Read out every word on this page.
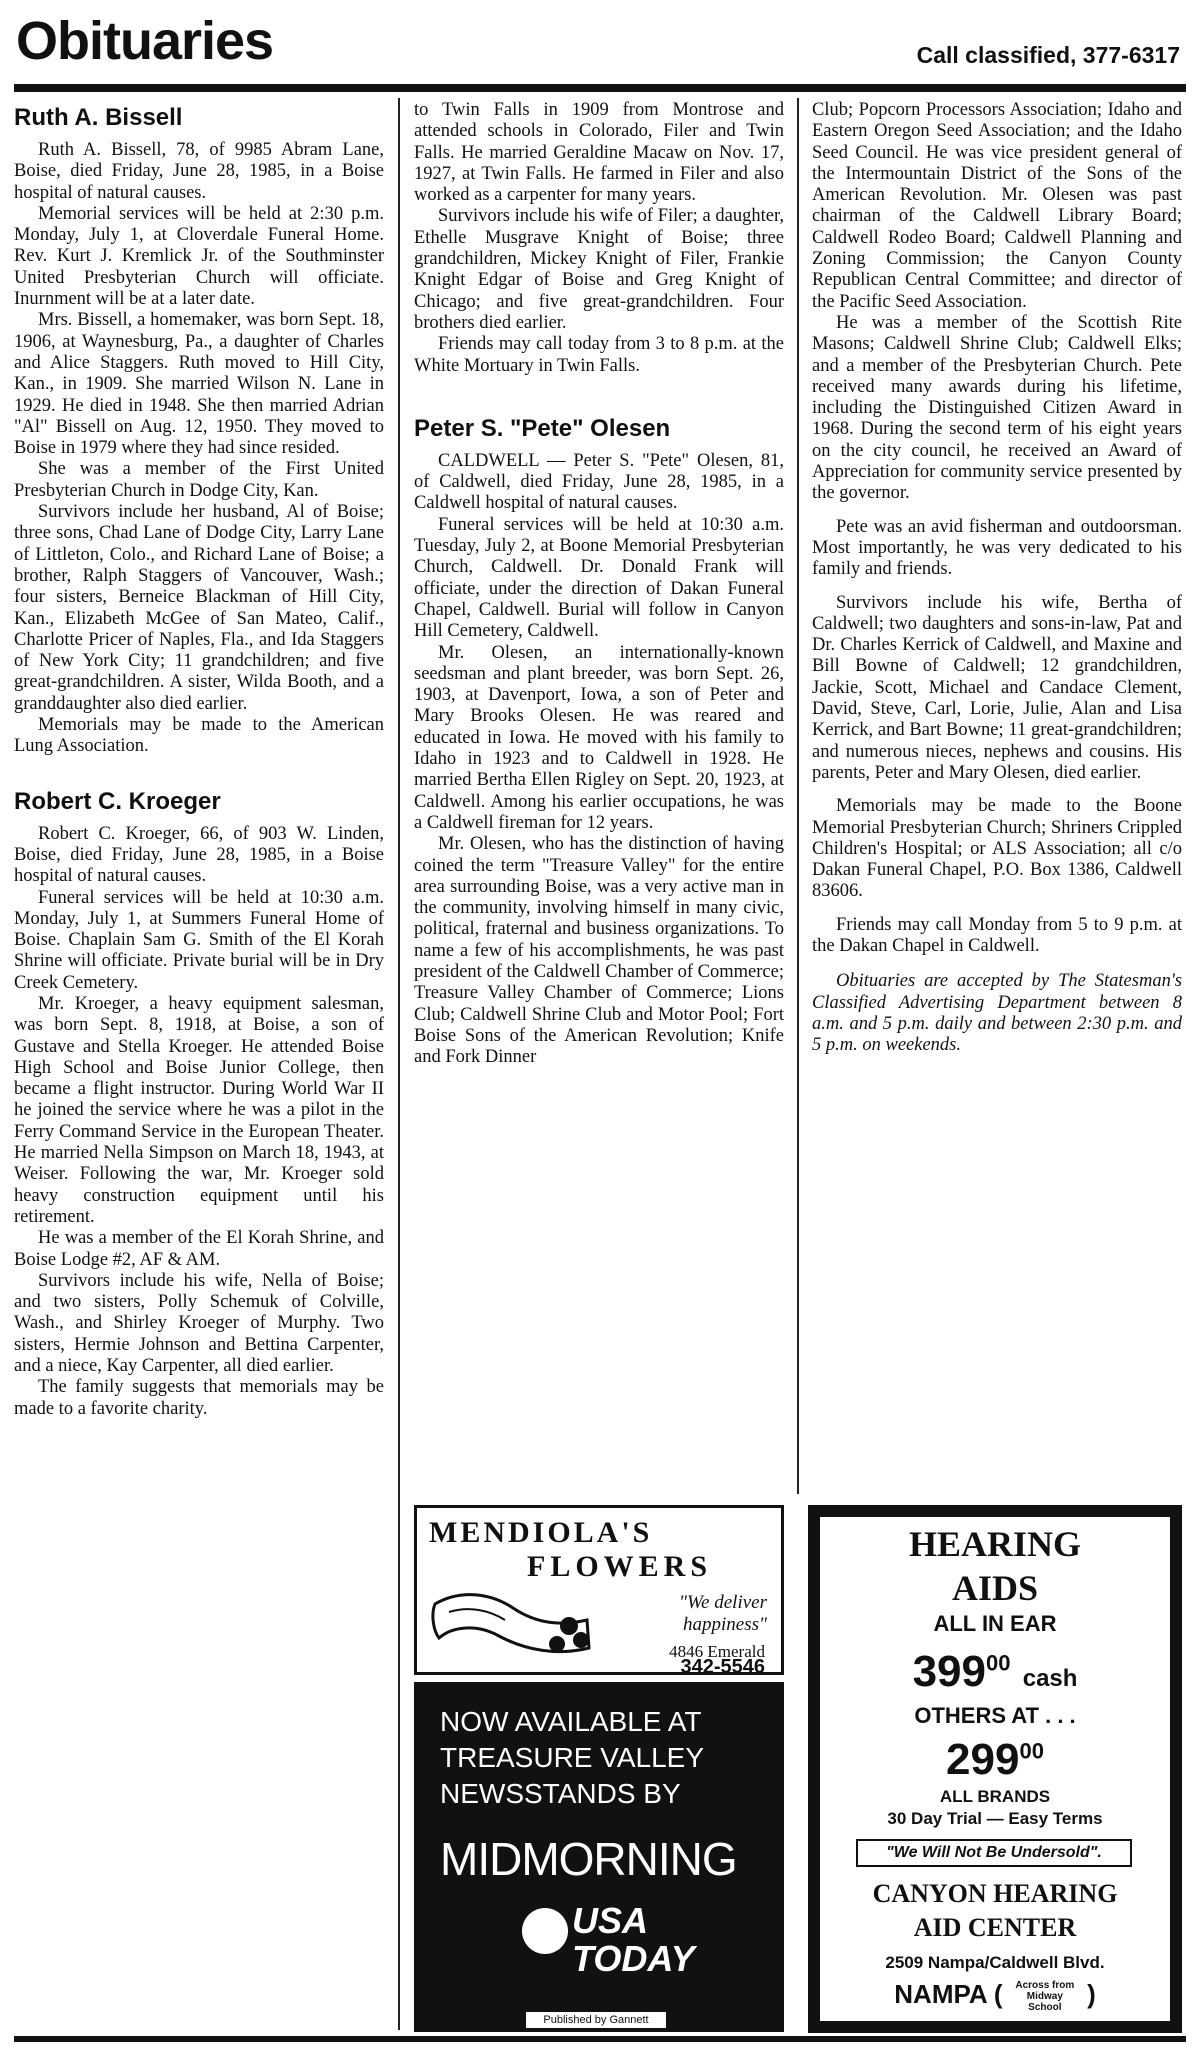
Obituaries	Call classified, 377-6317
Ruth A. Bissell

Ruth A. Bissell, 78, of 9985 Abram Lane, Boise, died Friday, June 28, 1985, in a Boise hospital of natural causes.

Memorial services will be held at 2:30 p.m. Monday, July 1, at Cloverdale Funeral Home. Rev. Kurt J. Kremlick Jr. of the Southminster United Presbyterian Church will officiate. Inurnment will be at a later date.

Mrs. Bissell, a homemaker, was born Sept. 18, 1906, at Waynesburg, Pa., a daughter of Charles and Alice Staggers. Ruth moved to Hill City, Kan., in 1909. She married Wilson N. Lane in 1929. He died in 1948. She then married Adrian "Al" Bissell on Aug. 12, 1950. They moved to Boise in 1979 where they had since resided.

She was a member of the First United Presbyterian Church in Dodge City, Kan.

Survivors include her husband, Al of Boise; three sons, Chad Lane of Dodge City, Larry Lane of Littleton, Colo., and Richard Lane of Boise; a brother, Ralph Staggers of Vancouver, Wash.; four sisters, Berneice Blackman of Hill City, Kan., Elizabeth McGee of San Mateo, Calif., Charlotte Pricer of Naples, Fla., and Ida Staggers of New York City; 11 grandchildren; and five great-grandchildren. A sister, Wilda Booth, and a granddaughter also died earlier.

Memorials may be made to the American Lung Association.

Robert C. Kroeger

Robert C. Kroeger, 66, of 903 W. Linden, Boise, died Friday, June 28, 1985, in a Boise hospital of natural causes.

Funeral services will be held at 10:30 a.m. Monday, July 1, at Summers Funeral Home of Boise. Chaplain Sam G. Smith of the El Korah Shrine will officiate. Private burial will be in Dry Creek Cemetery.

Mr. Kroeger, a heavy equipment salesman, was born Sept. 8, 1918, at Boise, a son of Gustave and Stella Kroeger. He attended Boise High School and Boise Junior College, then became a flight instructor. During World War II he joined the service where he was a pilot in the Ferry Command Service in the European Theater. He married Nella Simpson on March 18, 1943, at Weiser. Following the war, Mr. Kroeger sold heavy construction equipment until his retirement.

He was a member of the El Korah Shrine, and Boise Lodge #2, AF & AM.

Survivors include his wife, Nella of Boise; and two sisters, Polly Schemuk of Colville, Wash., and Shirley Kroeger of Murphy. Two sisters, Hermie Johnson and Bettina Carpenter, and a niece, Kay Carpenter, all died earlier.

The family suggests that memorials may be made to a favorite charity.

to Twin Falls in 1909 from Montrose and attended schools in Colorado, Filer and Twin Falls. He married Geraldine Macaw on Nov. 17, 1927, at Twin Falls. He farmed in Filer and also worked as a carpenter for many years.

Survivors include his wife of Filer; a daughter, Ethelle Musgrave Knight of Boise; three grandchildren, Mickey Knight of Filer, Frankie Knight Edgar of Boise and Greg Knight of Chicago; and five great-grandchildren. Four brothers died earlier.

Friends may call today from 3 to 8 p.m. at the White Mortuary in Twin Falls.

Peter S. "Pete" Olesen

CALDWELL — Peter S. "Pete" Olesen, 81, of Caldwell, died Friday, June 28, 1985, in a Caldwell hospital of natural causes.

Funeral services will be held at 10:30 a.m. Tuesday, July 2, at Boone Memorial Presbyterian Church, Caldwell. Dr. Donald Frank will officiate, under the direction of Dakan Funeral Chapel, Caldwell. Burial will follow in Canyon Hill Cemetery, Caldwell.

Mr. Olesen, an internationally-known seedsman and plant breeder, was born Sept. 26, 1903, at Davenport, Iowa, a son of Peter and Mary Brooks Olesen. He was reared and educated in Iowa. He moved with his family to Idaho in 1923 and to Caldwell in 1928. He married Bertha Ellen Rigley on Sept. 20, 1923, at Caldwell. Among his earlier occupations, he was a Caldwell fireman for 12 years.

Mr. Olesen, who has the distinction of having coined the term "Treasure Valley" for the entire area surrounding Boise, was a very active man in the community, involving himself in many civic, political, fraternal and business organizations. To name a few of his accomplishments, he was past president of the Caldwell Chamber of Commerce; Treasure Valley Chamber of Commerce; Lions Club; Caldwell Shrine Club and Motor Pool; Fort Boise Sons of the American Revolution; Knife and Fork Dinner

Club; Popcorn Processors Association; Idaho and Eastern Oregon Seed Association; and the Idaho Seed Council. He was vice president general of the Intermountain District of the Sons of the American Revolution. Mr. Olesen was past chairman of the Caldwell Library Board; Caldwell Rodeo Board; Caldwell Planning and Zoning Commission; the Canyon County Republican Central Committee; and director of the Pacific Seed Association.

He was a member of the Scottish Rite Masons; Caldwell Shrine Club; Caldwell Elks; and a member of the Presbyterian Church. Pete received many awards during his lifetime, including the Distinguished Citizen Award in 1968. During the second term of his eight years on the city council, he received an Award of Appreciation for community service presented by the governor.

Pete was an avid fisherman and outdoorsman. Most importantly, he was very dedicated to his family and friends.

Survivors include his wife, Bertha of Caldwell; two daughters and sons-in-law, Pat and Dr. Charles Kerrick of Caldwell, and Maxine and Bill Bowne of Caldwell; 12 grandchildren, Jackie, Scott, Michael and Candace Clement, David, Steve, Carl, Lorie, Julie, Alan and Lisa Kerrick, and Bart Bowne; 11 great-grandchildren; and numerous nieces, nephews and cousins. His parents, Peter and Mary Olesen, died earlier.

Memorials may be made to the Boone Memorial Presbyterian Church; Shriners Crippled Children's Hospital; or ALS Association; all c/o Dakan Funeral Chapel, P.O. Box 1386, Caldwell 83606.

Friends may call Monday from 5 to 9 p.m. at the Dakan Chapel in Caldwell.

Obituaries are accepted by The Statesman's Classified Advertising Department between 8 a.m. and 5 p.m. daily and between 2:30 p.m. and 5 p.m. on weekends.

MENDIOLA'S
FLOWERS
"We deliver happiness"
4846 Emerald
342-5546
NOW AVAILABLE AT TREASURE VALLEY NEWSSTANDS BY
MIDMORNING
USA
TODAY
Published by Gannett
HEARING
AIDS
ALL IN EAR
$399^{00}$ cash
OTHERS AT . . .
$299^{00}$
ALL BRANDS
30 Day Trial — Easy Terms
"We Will Not Be Undersold".
CANYON HEARING
AID CENTER
2509 Nampa/Caldwell Blvd.
NAMPA ( Across from Midway School )
